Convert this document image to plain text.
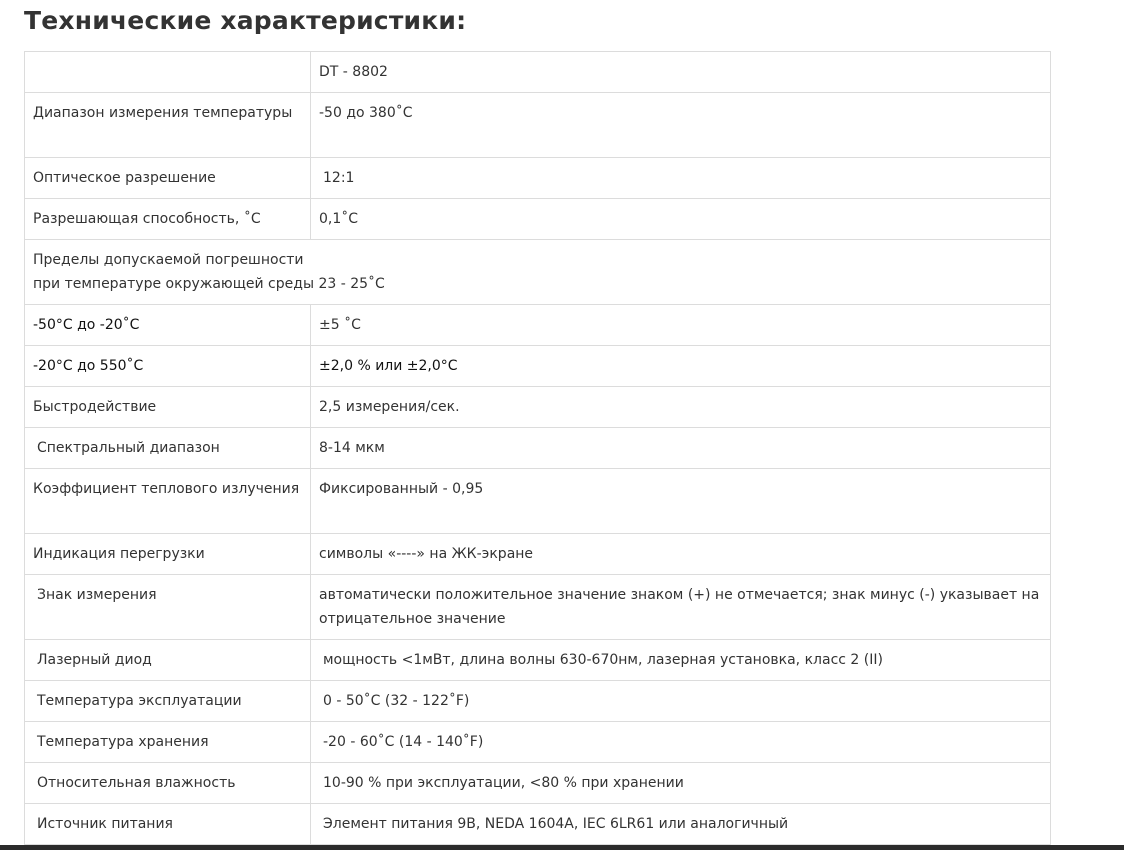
Технические характеристики:
	DT - 8802
Диапазон измерения температуры	-50 до 380˚C
Оптическое разрешение	12:1
Разрешающая способность, ˚C	0,1˚C

Пределы допускаемой погрешности
при температуре окружающей среды 23 - 25˚C	

-50°C до -20˚C	±5 ˚C
-20°C до 550˚C	±2,0 % или ±2,0°C
Быстродействие	2,5 измерения/сек.
Спектральный диапазон	8-14 мкм
Коэффициент теплового излучения	Фиксированный - 0,95
Индикация перегрузки	символы «----» на ЖК-экране
Знак измерения	автоматически положительное значение знаком (+) не отмечается; знак минус (-) указывает на отрицательное значение
Лазерный диод	мощность <1мВт, длина волны 630-670нм, лазерная установка, класс 2 (II)
Температура эксплуатации	0 - 50˚C (32 - 122˚F)
Температура хранения	-20 - 60˚C (14 - 140˚F)
Относительная влажность	10-90 % при эксплуатации, <80 % при хранении
Источник питания	Элемент питания 9В, NEDA 1604A, IEC 6LR61 или аналогичный
